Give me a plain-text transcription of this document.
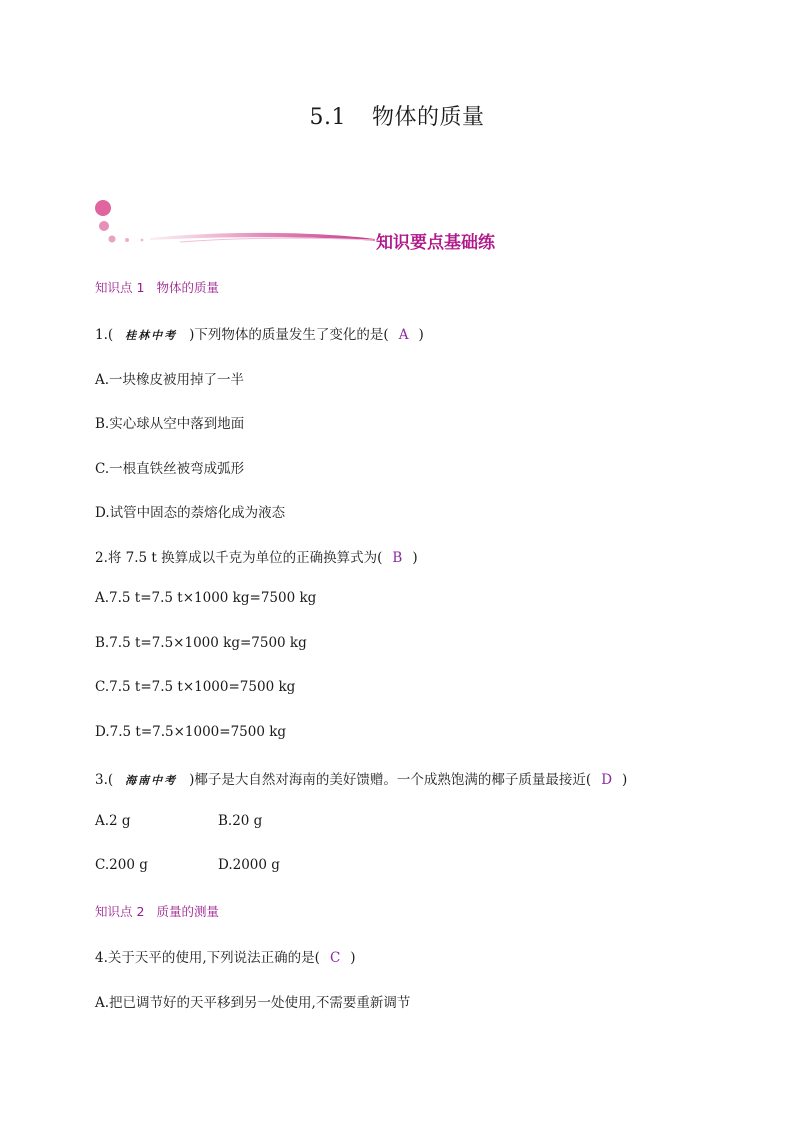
5.1 物体的质量
知识要点基础练
知识点 1 物体的质量
1.( 桂林中考 )下列物体的质量发生了变化的是( A )
A.一块橡皮被用掉了一半
B.实心球从空中落到地面
C.一根直铁丝被弯成弧形
D.试管中固态的萘熔化成为液态
2.将 7.5 t 换算成以千克为单位的正确换算式为( B )
A.7.5 t=7.5 t×1000 kg=7500 kg
B.7.5 t=7.5×1000 kg=7500 kg
C.7.5 t=7.5 t×1000=7500 kg
D.7.5 t=7.5×1000=7500 kg
3.( 海南中考 )椰子是大自然对海南的美好馈赠。一个成熟饱满的椰子质量最接近( D )
A.2 g	B.20 g
C.200 g	D.2000 g
知识点 2 质量的测量
4.关于天平的使用,下列说法正确的是( C )
A.把已调节好的天平移到另一处使用,不需要重新调节
